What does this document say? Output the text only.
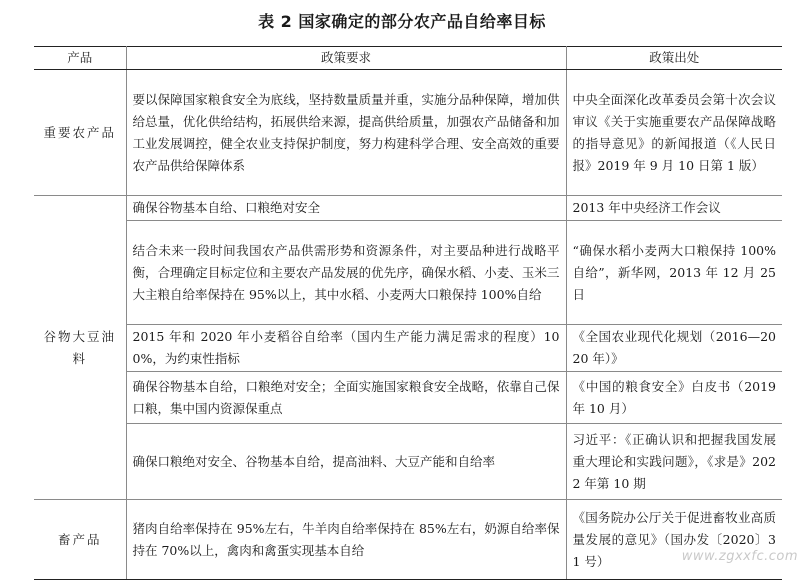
表 2 国家确定的部分农产品自给率目标
产品	政策要求	政策出处
重要农产品	要以保障国家粮食安全为底线，坚持数量质量并重，实施分品种保障，增加供给总量，优化供给结构，拓展供给来源，提高供给质量，加强农产品储备和加工业发展调控，健全农业支持保护制度，努力构建科学合理、安全高效的重要农产品供给保障体系	中央全面深化改革委员会第十次会议审议《关于实施重要农产品保障战略的指导意见》的新闻报道（《人民日报》2019 年 9 月 10 日第 1 版）
谷物大豆油料	确保谷物基本自给、口粮绝对安全	2013 年中央经济工作会议
	结合未来一段时间我国农产品供需形势和资源条件，对主要品种进行战略平衡，合理确定目标定位和主要农产品发展的优先序，确保水稻、小麦、玉米三大主粮自给率保持在 95%以上，其中水稻、小麦两大口粮保持 100%自给	“确保水稻小麦两大口粮保持 100%自给”，新华网，2013 年 12 月 25 日
	2015 年和 2020 年小麦稻谷自给率（国内生产能力满足需求的程度）100%，为约束性指标	《全国农业现代化规划（2016—2020 年）》
	确保谷物基本自给，口粮绝对安全；全面实施国家粮食安全战略，依靠自己保口粮，集中国内资源保重点	《中国的粮食安全》白皮书（2019 年 10 月）
	确保口粮绝对安全、谷物基本自给，提高油料、大豆产能和自给率	习近平：《正确认识和把握我国发展重大理论和实践问题》，《求是》2022 年第 10 期
畜产品	猪肉自给率保持在 95%左右，牛羊肉自给率保持在 85%左右，奶源自给率保持在 70%以上，禽肉和禽蛋实现基本自给	《国务院办公厅关于促进畜牧业高质量发展的意见》（国办发〔2020〕31 号）	www.zgxxfc.com
